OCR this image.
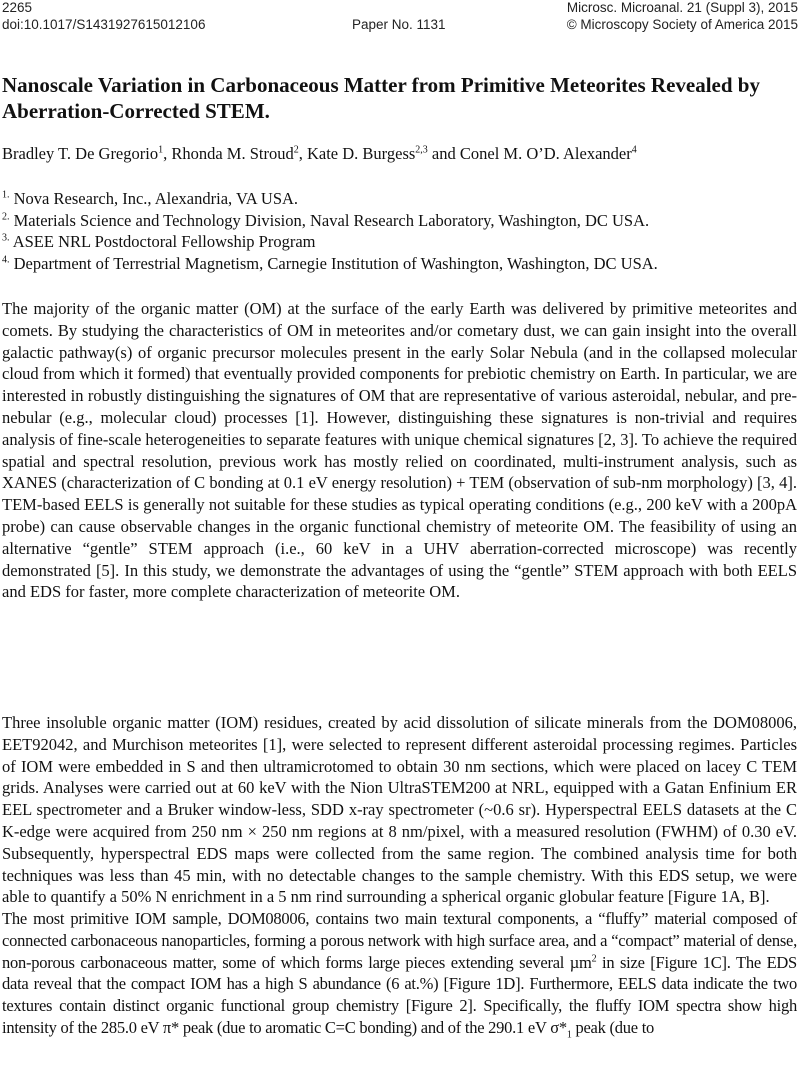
2265	Microsc. Microanal. 21 (Suppl 3), 2015
doi:10.1017/S1431927615012106	Paper No. 1131	© Microscopy Society of America 2015
Nanoscale Variation in Carbonaceous Matter from Primitive Meteorites Revealed by Aberration-Corrected STEM.
Bradley T. De Gregorio$^1$, Rhonda M. Stroud$^2$, Kate D. Burgess$^{2,3}$ and Conel M. O’D. Alexander$^4$
$^{1.}$ Nova Research, Inc., Alexandria, VA USA.
$^{2.}$ Materials Science and Technology Division, Naval Research Laboratory, Washington, DC USA.
$^{3.}$ ASEE NRL Postdoctoral Fellowship Program
$^{4.}$ Department of Terrestrial Magnetism, Carnegie Institution of Washington, Washington, DC USA.

The majority of the organic matter (OM) at the surface of the early Earth was delivered by primitive meteorites and comets. By studying the characteristics of OM in meteorites and/or cometary dust, we can gain insight into the overall galactic pathway(s) of organic precursor molecules present in the early Solar Nebula (and in the collapsed molecular cloud from which it formed) that eventually provided components for prebiotic chemistry on Earth. In particular, we are interested in robustly distinguishing the signatures of OM that are representative of various asteroidal, nebular, and pre-nebular (e.g., molecular cloud) processes [1]. However, distinguishing these signatures is non-trivial and requires analysis of fine-scale heterogeneities to separate features with unique chemical signatures [2, 3]. To achieve the required spatial and spectral resolution, previous work has mostly relied on coordinated, multi-instrument analysis, such as XANES (characterization of C bonding at 0.1 eV energy resolution) + TEM (observation of sub-nm morphology) [3, 4]. TEM-based EELS is generally not suitable for these studies as typical operating conditions (e.g., 200 keV with a 200pA probe) can cause observable changes in the organic functional chemistry of meteorite OM. The feasibility of using an alternative “gentle” STEM approach (i.e., 60 keV in a UHV aberration-corrected microscope) was recently demonstrated [5]. In this study, we demonstrate the advantages of using the “gentle” STEM approach with both EELS and EDS for faster, more complete characterization of meteorite OM.

Three insoluble organic matter (IOM) residues, created by acid dissolution of silicate minerals from the DOM08006, EET92042, and Murchison meteorites [1], were selected to represent different asteroidal processing regimes. Particles of IOM were embedded in S and then ultramicrotomed to obtain 30 nm sections, which were placed on lacey C TEM grids. Analyses were carried out at 60 keV with the Nion UltraSTEM200 at NRL, equipped with a Gatan Enfinium ER EEL spectrometer and a Bruker window-less, SDD x-ray spectrometer (~0.6 sr). Hyperspectral EELS datasets at the C K-edge were acquired from 250 nm × 250 nm regions at 8 nm/pixel, with a measured resolution (FWHM) of 0.30 eV. Subsequently, hyperspectral EDS maps were collected from the same region. The combined analysis time for both techniques was less than 45 min, with no detectable changes to the sample chemistry. With this EDS setup, we were able to quantify a 50% N enrichment in a 5 nm rind surrounding a spherical organic globular feature [Figure 1A, B].

The most primitive IOM sample, DOM08006, contains two main textural components, a “fluffy” material composed of connected carbonaceous nanoparticles, forming a porous network with high surface area, and a “compact” material of dense, non-porous carbonaceous matter, some of which forms large pieces extending several µm$^2$ in size [Figure 1C]. The EDS data reveal that the compact IOM has a high S abundance (6 at.%) [Figure 1D]. Furthermore, EELS data indicate the two textures contain distinct organic functional group chemistry [Figure 2]. Specifically, the fluffy IOM spectra show high intensity of the 285.0 eV π* peak (due to aromatic C=C bonding) and of the 290.1 eV $\sigma*_1$ peak (due to
